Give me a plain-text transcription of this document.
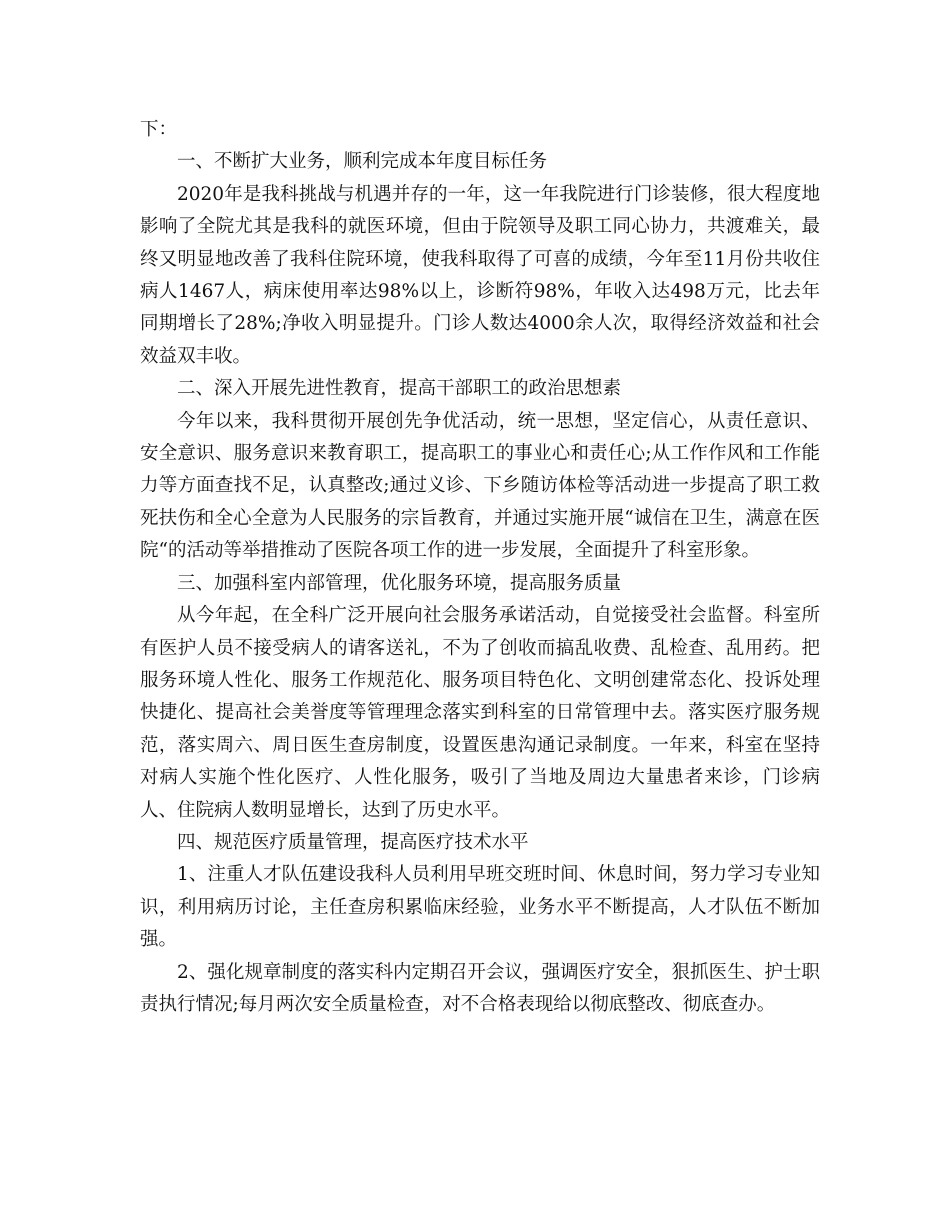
下：

一、不断扩大业务，顺利完成本年度目标任务

2020年是我科挑战与机遇并存的一年，这一年我院进行门诊装修，很大程度地影响了全院尤其是我科的就医环境，但由于院领导及职工同心协力，共渡难关，最终又明显地改善了我科住院环境，使我科取得了可喜的成绩，今年至11月份共收住病人1467人，病床使用率达98%以上，诊断符98%，年收入达498万元，比去年同期增长了28%;净收入明显提升。门诊人数达4000余人次，取得经济效益和社会效益双丰收。

二、深入开展先进性教育，提高干部职工的政治思想素

今年以来，我科贯彻开展创先争优活动，统一思想，坚定信心，从责任意识、安全意识、服务意识来教育职工，提高职工的事业心和责任心;从工作作风和工作能力等方面查找不足，认真整改;通过义诊、下乡随访体检等活动进一步提高了职工救死扶伤和全心全意为人民服务的宗旨教育，并通过实施开展“诚信在卫生，满意在医院“的活动等举措推动了医院各项工作的进一步发展，全面提升了科室形象。

三、加强科室内部管理，优化服务环境，提高服务质量

从今年起，在全科广泛开展向社会服务承诺活动，自觉接受社会监督。科室所有医护人员不接受病人的请客送礼，不为了创收而搞乱收费、乱检查、乱用药。把服务环境人性化、服务工作规范化、服务项目特色化、文明创建常态化、投诉处理快捷化、提高社会美誉度等管理理念落实到科室的日常管理中去。落实医疗服务规范，落实周六、周日医生查房制度，设置医患沟通记录制度。一年来，科室在坚持对病人实施个性化医疗、人性化服务，吸引了当地及周边大量患者来诊，门诊病人、住院病人数明显增长，达到了历史水平。

四、规范医疗质量管理，提高医疗技术水平

1、注重人才队伍建设我科人员利用早班交班时间、休息时间，努力学习专业知识，利用病历讨论，主任查房积累临床经验，业务水平不断提高，人才队伍不断加强。

2、强化规章制度的落实科内定期召开会议，强调医疗安全，狠抓医生、护士职责执行情况;每月两次安全质量检查，对不合格表现给以彻底整改、彻底查办。
